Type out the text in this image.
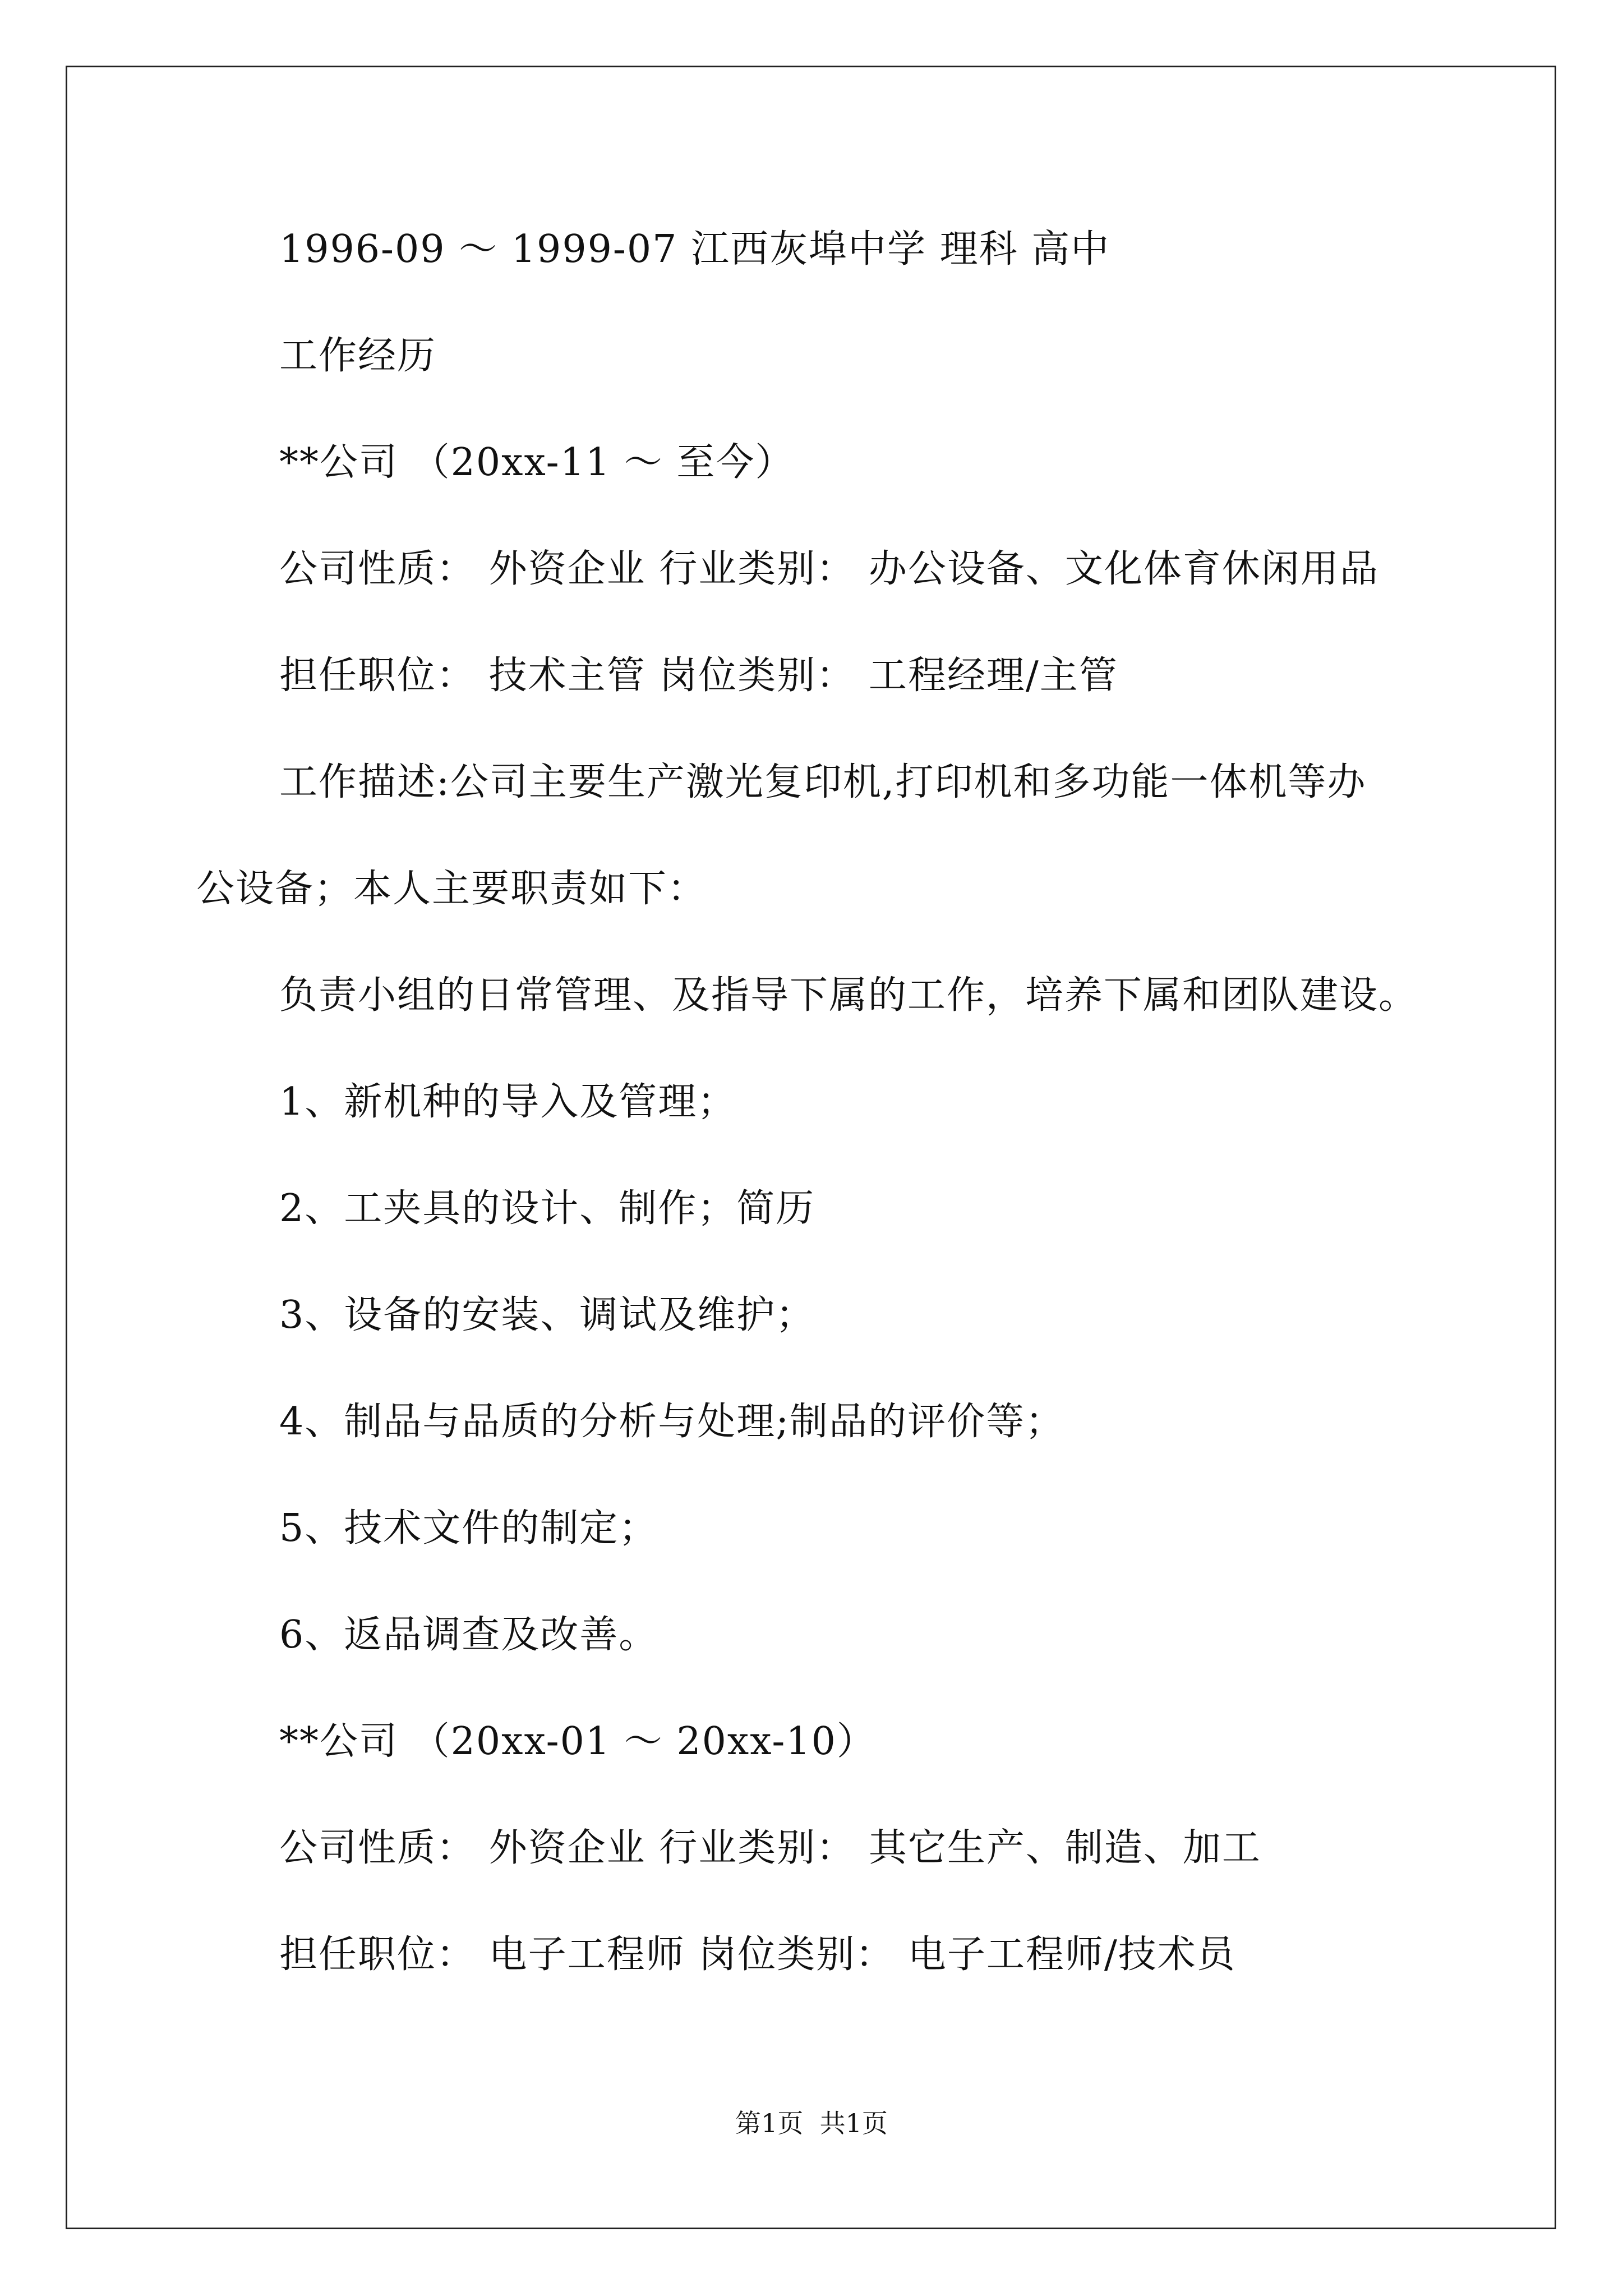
1996-09 ～ 1999-07 江西灰埠中学 理科 高中
工作经历
**公司 （20xx-11 ～ 至今）
公司性质： 外资企业 行业类别： 办公设备、文化体育休闲用品
担任职位： 技术主管 岗位类别： 工程经理/主管
工作描述:公司主要生产激光复印机,打印机和多功能一体机等办
公设备；本人主要职责如下：
负责小组的日常管理、及指导下属的工作，培养下属和团队建设。
1、新机种的导入及管理；
2、工夹具的设计、制作；简历
3、设备的安装、调试及维护；
4、制品与品质的分析与处理;制品的评价等；
5、技术文件的制定；
6、返品调查及改善。
**公司 （20xx-01 ～ 20xx-10）
公司性质： 外资企业 行业类别： 其它生产、制造、加工
担任职位： 电子工程师 岗位类别： 电子工程师/技术员
第1页  共1页
